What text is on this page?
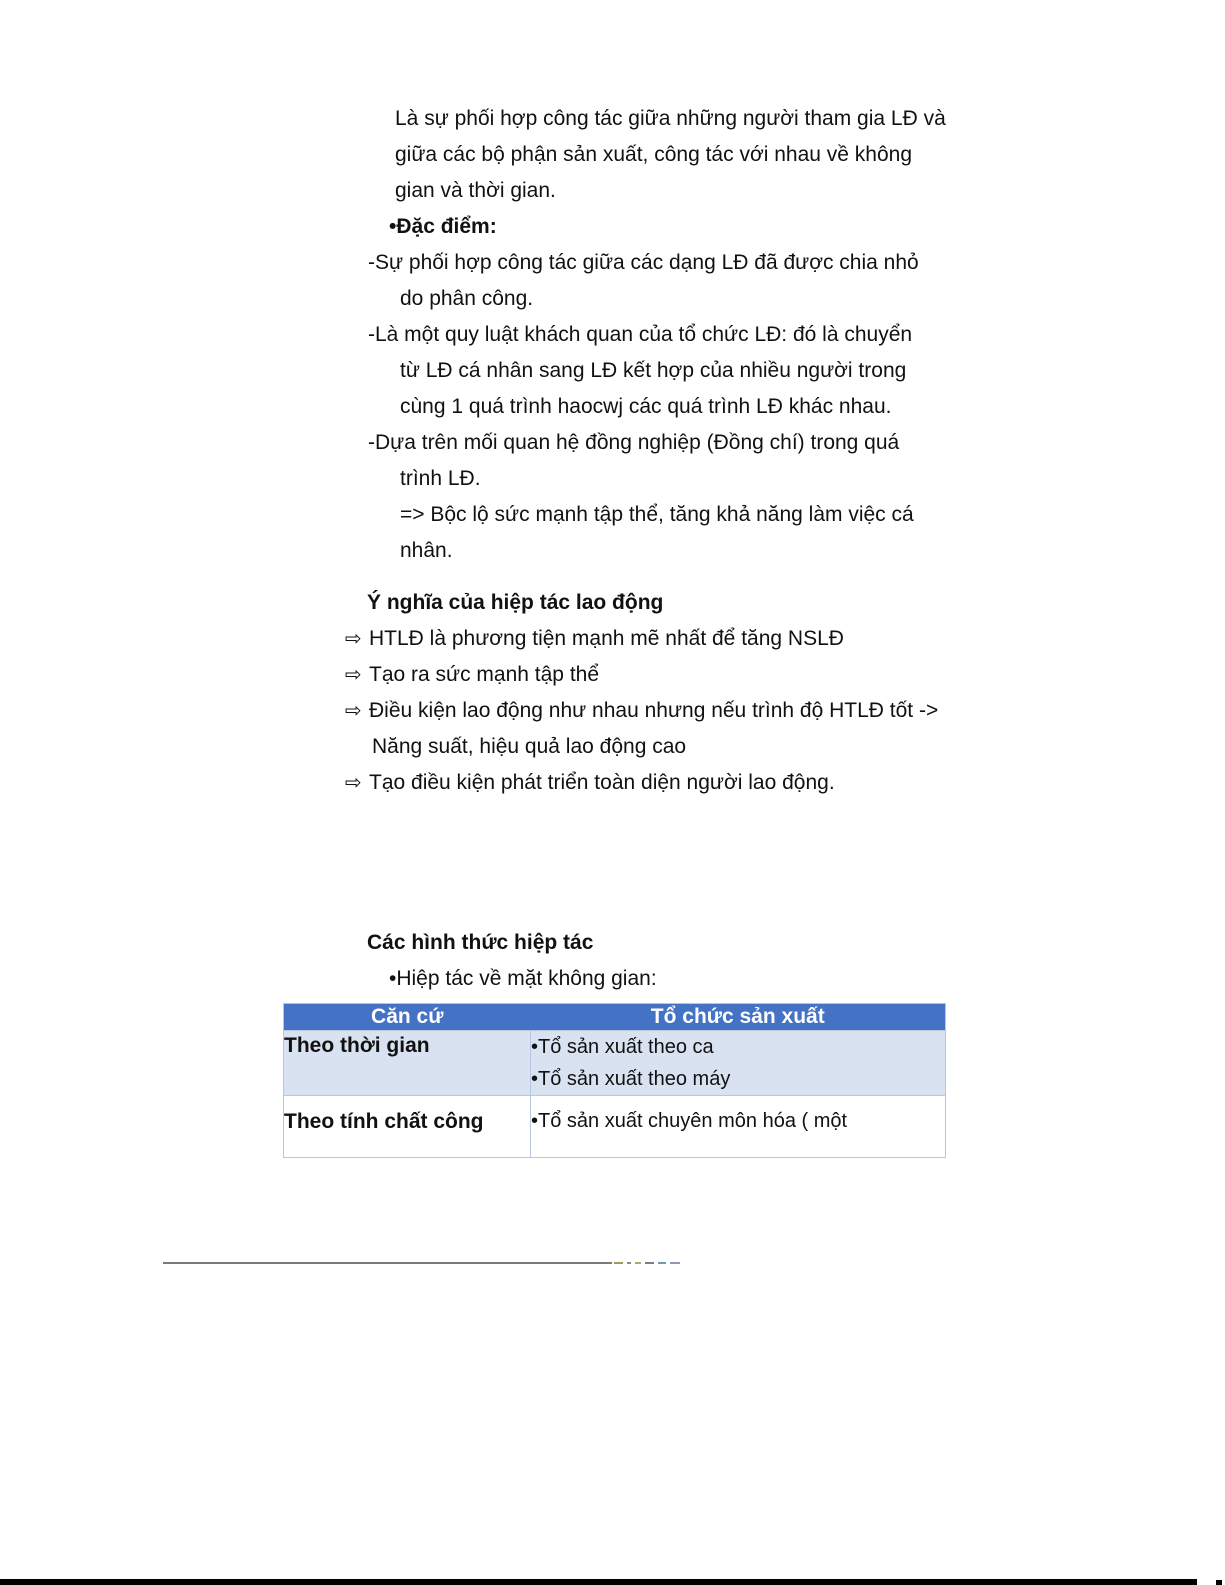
Là sự phối hợp công tác giữa những người tham gia LĐ và
giữa các bộ phận sản xuất, công tác với nhau về không
gian và thời gian.
•Đặc điểm:
-Sự phối hợp công tác giữa các dạng LĐ đã được chia nhỏ
do phân công.
-Là một quy luật khách quan của tổ chức LĐ: đó là chuyển
từ LĐ cá nhân sang LĐ kết hợp của nhiều người trong
cùng 1 quá trình haocwj các quá trình LĐ khác nhau.
-Dựa trên mối quan hệ đồng nghiệp (Đồng chí) trong quá
trình LĐ.
=> Bộc lộ sức mạnh tập thể, tăng khả năng làm việc cá
nhân.
Ý nghĩa của hiệp tác lao động
⇨ HTLĐ là phương tiện mạnh mẽ nhất để tăng NSLĐ
⇨ Tạo ra sức mạnh tập thể
⇨ Điều kiện lao động như nhau nhưng nếu trình độ HTLĐ tốt ->
Năng suất, hiệu quả lao động cao
⇨ Tạo điều kiện phát triển toàn diện người lao động.
Các hình thức hiệp tác
•Hiệp tác về mặt không gian:
Căn cứ	Tổ chức sản xuất
Theo thời gian	•Tổ sản xuất theo ca
•Tổ sản xuất theo máy

Theo tính chất công	•Tổ sản xuất chuyên môn hóa ( một
